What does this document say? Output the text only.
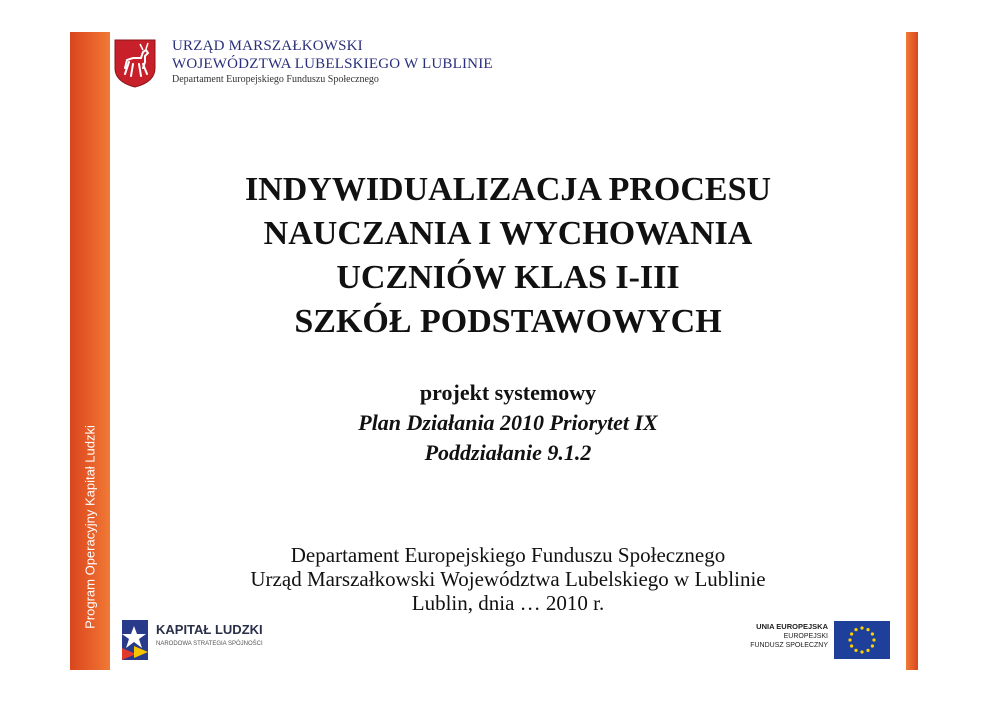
Program Operacyjny Kapitał Ludzki
URZĄD MARSZAŁKOWSKI
WOJEWÓDZTWA LUBELSKIEGO W LUBLINIE
Departament Europejskiego Funduszu Społecznego
INDYWIDUALIZACJA PROCESU
NAUCZANIA I WYCHOWANIA
UCZNIÓW KLAS I-III
SZKÓŁ PODSTAWOWYCH
projekt systemowy
Plan Działania 2010 Priorytet IX
Poddziałanie 9.1.2
Departament Europejskiego Funduszu Społecznego
Urząd Marszałkowski Województwa Lubelskiego w Lublinie
Lublin, dnia … 2010 r.
KAPITAŁ LUDZKI
NARODOWA STRATEGIA SPÓJNOŚCI
UNIA EUROPEJSKA
EUROPEJSKI
FUNDUSZ SPOŁECZNY
